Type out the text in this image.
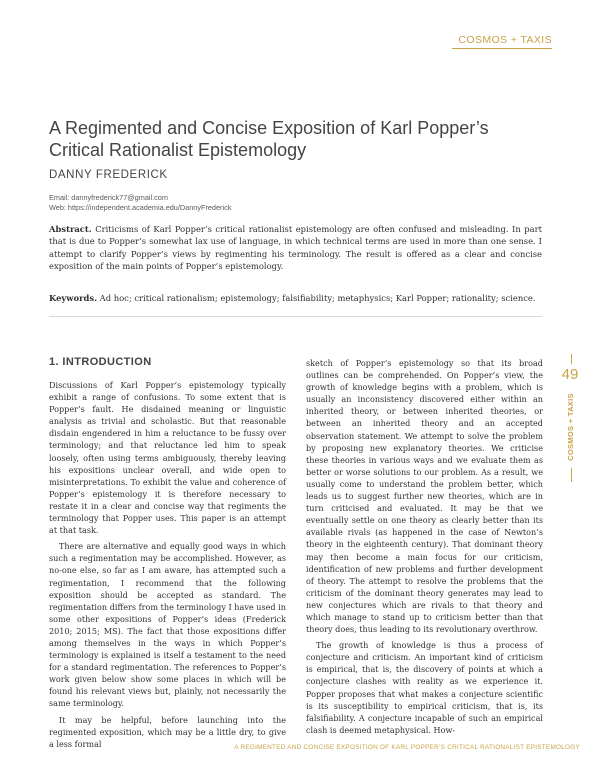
COSMOS + TAXIS
A Regimented and Concise Exposition of Karl Popper’s Critical Rationalist Epistemology
DANNY FREDERICK
Email: dannyfrederick77@gmail.com
Web: https://independent.academia.edu/DannyFrederick

Abstract. Criticisms of Karl Popper’s critical rationalist epistemology are often confused and misleading. In part that is due to Popper’s somewhat lax use of language, in which technical terms are used in more than one sense. I attempt to clarify Popper’s views by regimenting his terminology. The result is offered as a clear and concise exposition of the main points of Popper’s epistemology.

Keywords. Ad hoc; critical rationalism; epistemology; falsifiability; metaphysics; Karl Popper; rationality; science.

1. INTRODUCTION

Discussions of Karl Popper’s epistemology typically exhibit a range of confusions. To some extent that is Popper’s fault. He disdained meaning or linguistic analysis as trivial and scholastic. But that reasonable disdain engendered in him a reluctance to be fussy over terminology; and that reluctance led him to speak loosely, often using terms ambiguously, thereby leaving his expositions unclear overall, and wide open to misinterpretations. To exhibit the value and coherence of Popper’s epistemology it is therefore necessary to restate it in a clear and concise way that regiments the terminology that Popper uses. This paper is an attempt at that task.

There are alternative and equally good ways in which such a regimentation may be accomplished. However, as no-one else, so far as I am aware, has attempted such a regimentation, I recommend that the following exposition should be accepted as standard. The regimentation differs from the terminology I have used in some other expositions of Popper’s ideas (Frederick 2010; 2015; MS). The fact that those expositions differ among themselves in the ways in which Popper’s terminology is explained is itself a testament to the need for a standard regimentation. The references to Popper’s work given below show some places in which will be found his relevant views but, plainly, not necessarily the same terminology.

It may be helpful, before launching into the regimented exposition, which may be a little dry, to give a less formal

sketch of Popper’s epistemology so that its broad outlines can be comprehended. On Popper’s view, the growth of knowledge begins with a problem, which is usually an inconsistency discovered either within an inherited theory, or between inherited theories, or between an inherited theory and an accepted observation statement. We attempt to solve the problem by proposing new explanatory theories. We criticise these theories in various ways and we evaluate them as better or worse solutions to our problem. As a result, we usually come to understand the problem better, which leads us to suggest further new theories, which are in turn criticised and evaluated. It may be that we eventually settle on one theory as clearly better than its available rivals (as happened in the case of Newton’s theory in the eighteenth century). That dominant theory may then become a main focus for our criticism, identification of new problems and further development of theory. The attempt to resolve the problems that the criticism of the dominant theory generates may lead to new conjectures which are rivals to that theory and which manage to stand up to criticism better than that theory does, thus leading to its revolutionary overthrow.

The growth of knowledge is thus a process of conjecture and criticism. An important kind of criticism is empirical, that is, the discovery of points at which a conjecture clashes with reality as we experience it. Popper proposes that what makes a conjecture scientific is its susceptibility to empirical criticism, that is, its falsifiability. A conjecture incapable of such an empirical clash is deemed metaphysical. How-

49
COSMOS + TAXIS
A REGIMENTED AND CONCISE EXPOSITION OF KARL POPPER’S CRITICAL RATIONALIST EPISTEMOLOGY
